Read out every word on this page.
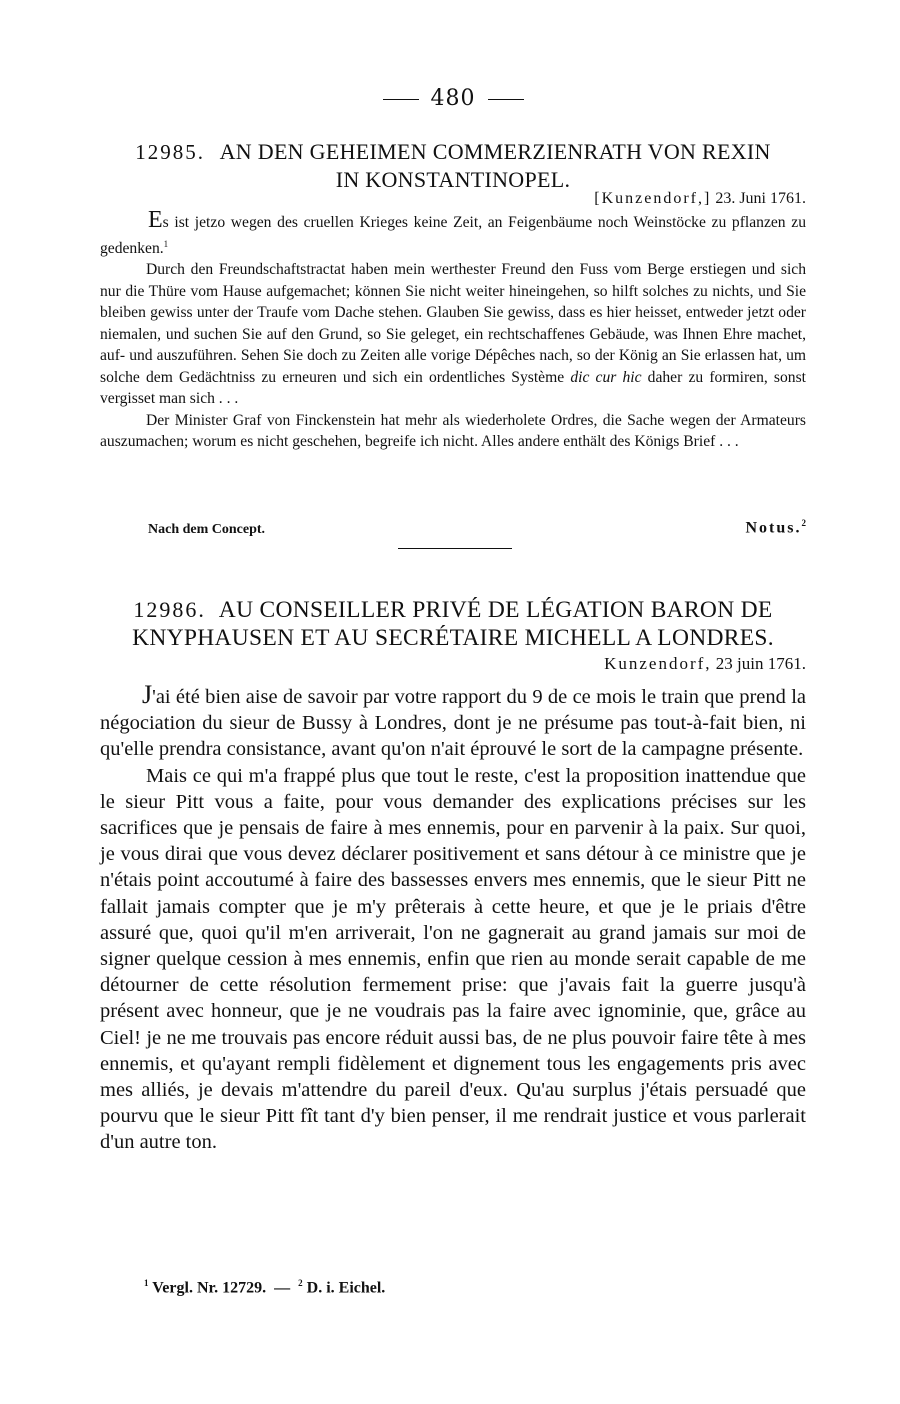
480
12985. AN DEN GEHEIMEN COMMERZIENRATH VON REXIN
IN KONSTANTINOPEL.
[Kunzendorf,] 23. Juni 1761.

Es ist jetzo wegen des cruellen Krieges keine Zeit, an Feigenbäume noch Weinstöcke zu pflanzen zu gedenken.$^1$

Durch den Freundschaftstractat haben mein werthester Freund den Fuss vom Berge erstiegen und sich nur die Thüre vom Hause aufgemachet; können Sie nicht weiter hineingehen, so hilft solches zu nichts, und Sie bleiben gewiss unter der Traufe vom Dache stehen. Glauben Sie gewiss, dass es hier heisset, entweder jetzt oder niemalen, und suchen Sie auf den Grund, so Sie geleget, ein rechtschaffenes Gebäude, was Ihnen Ehre machet, auf- und auszuführen. Sehen Sie doch zu Zeiten alle vorige Dépêches nach, so der König an Sie erlassen hat, um solche dem Gedächtniss zu erneuren und sich ein ordentliches Système dic cur hic daher zu formiren, sonst vergisset man sich . . .

Der Minister Graf von Finckenstein hat mehr als wiederholete Ordres, die Sache wegen der Armateurs auszumachen; worum es nicht geschehen, begreife ich nicht. Alles andere enthält des Königs Brief . . .

Nach dem Concept.	Notus.$^2$
12986. AU CONSEILLER PRIVÉ DE LÉGATION BARON DE
KNYPHAUSEN ET AU SECRÉTAIRE MICHELL A LONDRES.
Kunzendorf, 23 juin 1761.

J'ai été bien aise de savoir par votre rapport du 9 de ce mois le train que prend la négociation du sieur de Bussy à Londres, dont je ne présume pas tout-à-fait bien, ni qu'elle prendra consistance, avant qu'on n'ait éprouvé le sort de la campagne présente.

Mais ce qui m'a frappé plus que tout le reste, c'est la proposition inattendue que le sieur Pitt vous a faite, pour vous demander des explications précises sur les sacrifices que je pensais de faire à mes ennemis, pour en parvenir à la paix. Sur quoi, je vous dirai que vous devez déclarer positivement et sans détour à ce ministre que je n'étais point accoutumé à faire des bassesses envers mes ennemis, que le sieur Pitt ne fallait jamais compter que je m'y prêterais à cette heure, et que je le priais d'être assuré que, quoi qu'il m'en arriverait, l'on ne gagnerait au grand jamais sur moi de signer quelque cession à mes ennemis, enfin que rien au monde serait capable de me détourner de cette résolution fermement prise: que j'avais fait la guerre jusqu'à présent avec honneur, que je ne voudrais pas la faire avec ignominie, que, grâce au Ciel! je ne me trouvais pas encore réduit aussi bas, de ne plus pouvoir faire tête à mes ennemis, et qu'ayant rempli fidèlement et dignement tous les engagements pris avec mes alliés, je devais m'attendre du pareil d'eux. Qu'au surplus j'étais persuadé que pourvu que le sieur Pitt fît tant d'y bien penser, il me rendrait justice et vous parlerait d'un autre ton.

$^1$ Vergl. Nr. 12729. — $^2$ D. i. Eichel.
